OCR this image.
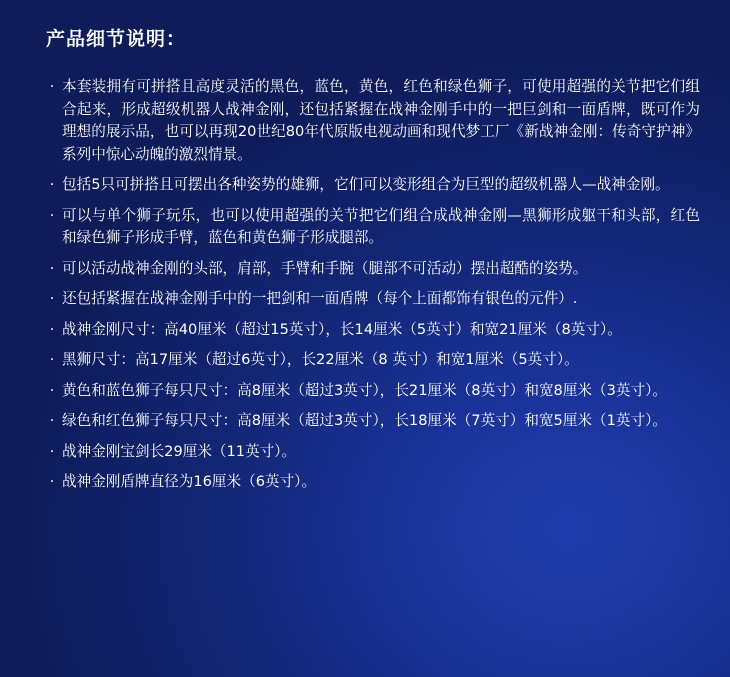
产品细节说明：
· 本套装拥有可拼搭且高度灵活的黑色，蓝色，黄色，红色和绿色狮子，可使用超强的关节把它们组合起来，形成超级机器人战神金刚，还包括紧握在战神金刚手中的一把巨剑和一面盾牌，既可作为理想的展示品，也可以再现20世纪80年代原版电视动画和现代梦工厂《新战神金刚：传奇守护神》系列中惊心动魄的激烈情景。
· 包括5只可拼搭且可摆出各种姿势的雄狮，它们可以变形组合为巨型的超级机器人—战神金刚。
· 可以与单个狮子玩乐，也可以使用超强的关节把它们组合成战神金刚—黑狮形成躯干和头部，红色和绿色狮子形成手臂，蓝色和黄色狮子形成腿部。
· 可以活动战神金刚的头部，肩部，手臂和手腕（腿部不可活动）摆出超酷的姿势。
· 还包括紧握在战神金刚手中的一把剑和一面盾牌（每个上面都饰有银色的元件）.
· 战神金刚尺寸：高40厘米（超过15英寸），长14厘米（5英寸）和宽21厘米（8英寸）。
· 黑狮尺寸：高17厘米（超过6英寸），长22厘米（8 英寸）和宽1厘米（5英寸）。
· 黄色和蓝色狮子每只尺寸：高8厘米（超过3英寸），长21厘米（8英寸）和宽8厘米（3英寸）。
· 绿色和红色狮子每只尺寸：高8厘米（超过3英寸），长18厘米（7英寸）和宽5厘米（1英寸）。
· 战神金刚宝剑长29厘米（11英寸）。
· 战神金刚盾牌直径为16厘米（6英寸）。
